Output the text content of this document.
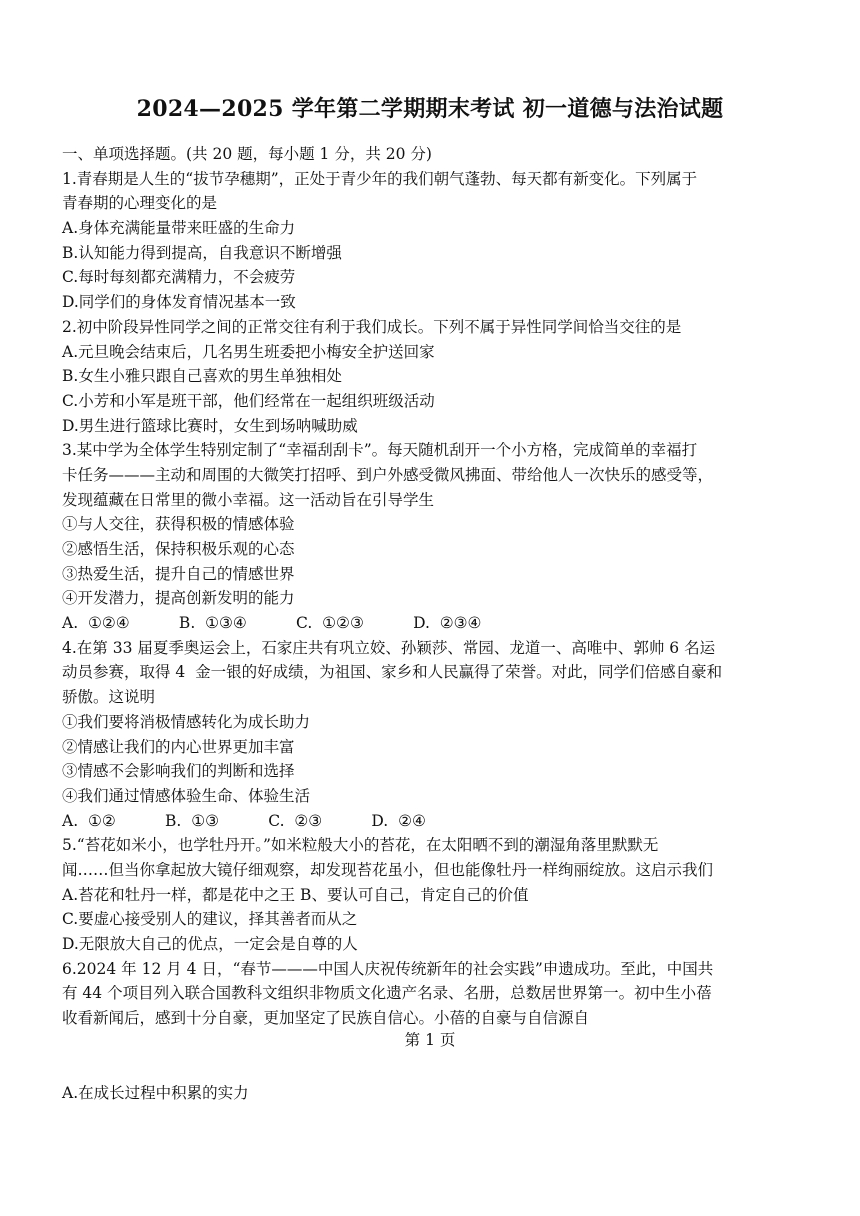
2024—2025 学年第二学期期末考试 初一道德与法治试题
一、单项选择题。(共 20 题，每小题 1 分，共 20 分)
1.青春期是人生的“拔节孕穗期”，正处于青少年的我们朝气蓬勃、每天都有新变化。下列属于
青春期的心理变化的是
A.身体充满能量带来旺盛的生命力
B.认知能力得到提高，自我意识不断增强
C.每时每刻都充满精力，不会疲劳
D.同学们的身体发育情况基本一致
2.初中阶段异性同学之间的正常交往有利于我们成长。下列不属于异性同学间恰当交往的是
A.元旦晚会结束后，几名男生班委把小梅安全护送回家
B.女生小雅只跟自己喜欢的男生单独相处
C.小芳和小军是班干部，他们经常在一起组织班级活动
D.男生进行篮球比赛时，女生到场呐喊助威
3.某中学为全体学生特别定制了“幸福刮刮卡”。每天随机刮开一个小方格，完成简单的幸福打
卡任务———主动和周围的大微笑打招呼、到户外感受微风拂面、带给他人一次快乐的感受等，
发现蕴藏在日常里的微小幸福。这一活动旨在引导学生
①与人交往，获得积极的情感体验
②感悟生活，保持积极乐观的心态
③热爱生活，提升自己的情感世界
④开发潜力，提高创新发明的能力
A.  ①②④          B.  ①③④          C.  ①②③          D.  ②③④
4.在第 33 届夏季奥运会上，石家庄共有巩立姣、孙颖莎、常园、龙道一、高唯中、郭帅 6 名运
动员参赛，取得 4  金一银的好成绩，为祖国、家乡和人民赢得了荣誉。对此，同学们倍感自豪和
骄傲。这说明
①我们要将消极情感转化为成长助力
②情感让我们的内心世界更加丰富
③情感不会影响我们的判断和选择
④我们通过情感体验生命、体验生活
A.  ①②          B.  ①③          C.  ②③          D.  ②④
5.“苔花如米小，也学牡丹开。”如米粒般大小的苔花，在太阳晒不到的潮湿角落里默默无
闻……但当你拿起放大镜仔细观察，却发现苔花虽小，但也能像牡丹一样绚丽绽放。这启示我们
A.苔花和牡丹一样，都是花中之王 B、要认可自己，肯定自己的价值
C.要虚心接受别人的建议，择其善者而从之
D.无限放大自己的优点，一定会是自尊的人
6.2024 年 12 月 4 日，“春节———中国人庆祝传统新年的社会实践”申遗成功。至此，中国共
有 44 个项目列入联合国教科文组织非物质文化遗产名录、名册，总数居世界第一。初中生小蓓
收看新闻后，感到十分自豪，更加坚定了民族自信心。小蓓的自豪与自信源自
第 1 页
A.在成长过程中积累的实力
